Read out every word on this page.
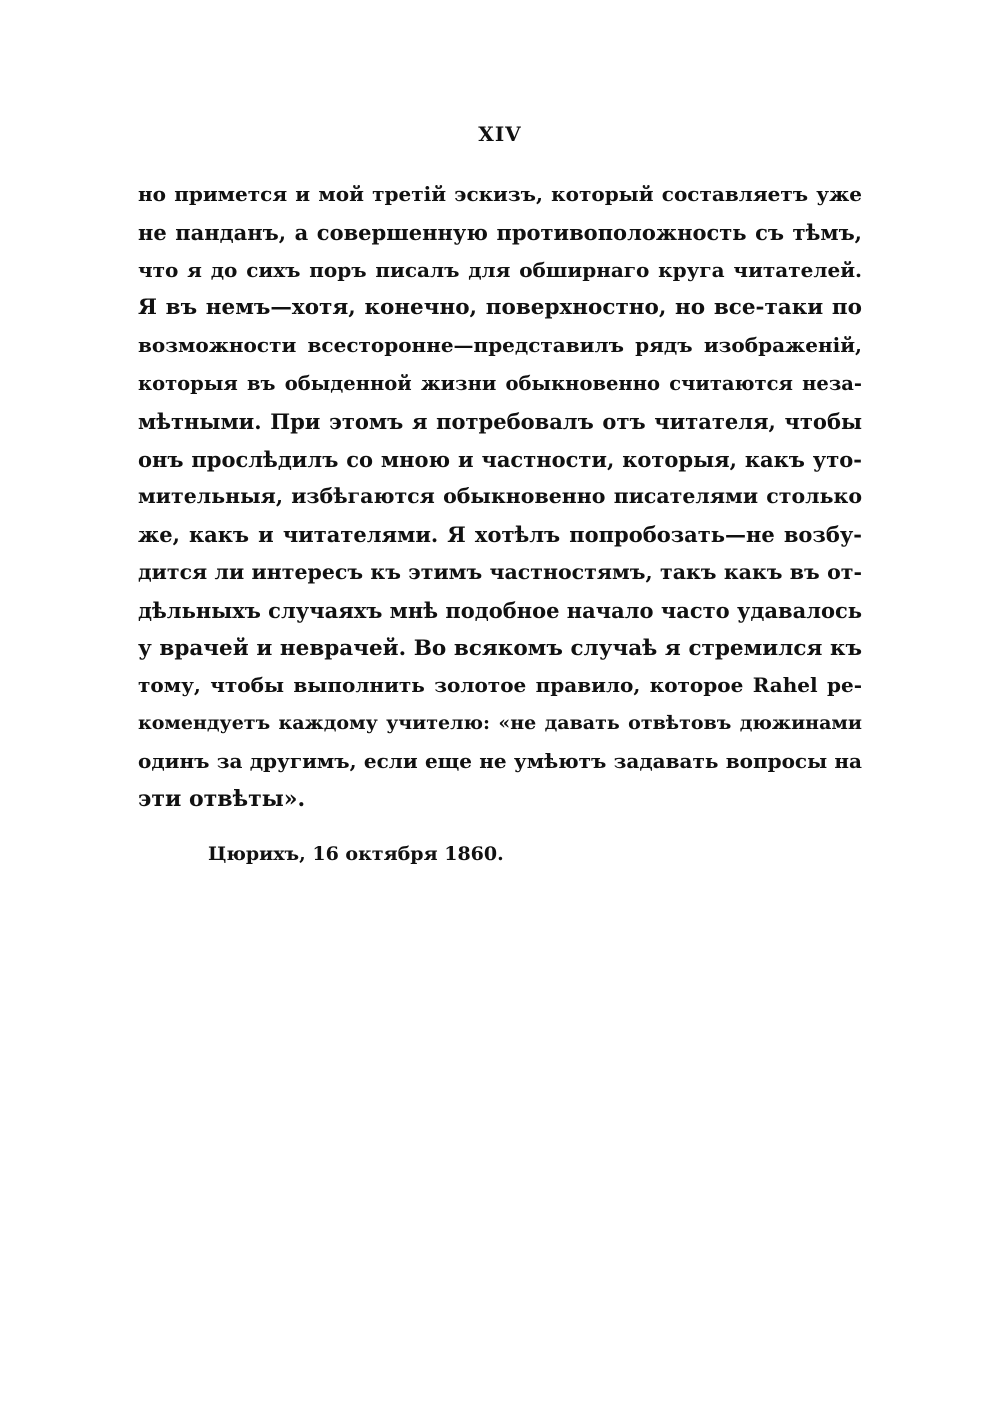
XIV
но примется и мой третiй эскизъ, который составляетъ уже
не панданъ, а совершенную противоположность съ тѣмъ,
что я до сихъ поръ писалъ для обширнаго круга читателей.
Я въ немъ—хотя, конечно, поверхностно, но все-таки по
возможности всесторонне—представилъ рядъ изображенiй,
которыя въ обыденной жизни обыкновенно считаются неза-
мѣтными. При этомъ я потребовалъ отъ читателя, чтобы
онъ прослѣдилъ со мною и частности, которыя, какъ уто-
мительныя, избѣгаются обыкновенно писателями столько
же, какъ и читателями. Я хотѣлъ попробозать—не возбу-
дится ли интересъ къ этимъ частностямъ, такъ какъ въ от-
дѣльныхъ случаяхъ мнѣ подобное начало часто удавалось
у врачей и неврачей. Во всякомъ случаѣ я стремился къ
тому, чтобы выполнить золотое правило, которое Rahel ре-
комендуетъ каждому учителю: «не давать отвѣтовъ дюжинами
одинъ за другимъ, если еще не умѣютъ задавать вопросы на
эти отвѣты».
Цюрихъ, 16 октября 1860.
